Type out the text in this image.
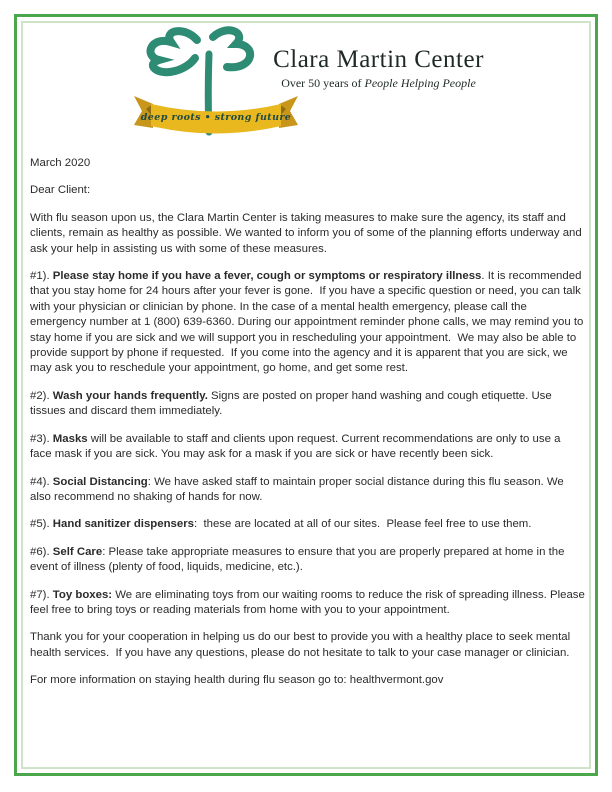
deep roots • strong future
Clara Martin Center

Over 50 years of People Helping People

March 2020

Dear Client:

With flu season upon us, the Clara Martin Center is taking measures to make sure the agency, its staff and clients, remain as healthy as possible. We wanted to inform you of some of the planning efforts underway and ask your help in assisting us with some of these measures.

#1). Please stay home if you have a fever, cough or symptoms or respiratory illness. It is recommended that you stay home for 24 hours after your fever is gone.  If you have a specific question or need, you can talk with your physician or clinician by phone. In the case of a mental health emergency, please call the emergency number at 1 (800) 639-6360. During our appointment reminder phone calls, we may remind you to stay home if you are sick and we will support you in rescheduling your appointment.  We may also be able to provide support by phone if requested.  If you come into the agency and it is apparent that you are sick, we may ask you to reschedule your appointment, go home, and get some rest.

#2). Wash your hands frequently. Signs are posted on proper hand washing and cough etiquette. Use tissues and discard them immediately.

#3). Masks will be available to staff and clients upon request. Current recommendations are only to use a face mask if you are sick. You may ask for a mask if you are sick or have recently been sick.

#4). Social Distancing: We have asked staff to maintain proper social distance during this flu season. We also recommend no shaking of hands for now.

#5). Hand sanitizer dispensers:  these are located at all of our sites.  Please feel free to use them.

#6). Self Care: Please take appropriate measures to ensure that you are properly prepared at home in the event of illness (plenty of food, liquids, medicine, etc.).

#7). Toy boxes: We are eliminating toys from our waiting rooms to reduce the risk of spreading illness. Please feel free to bring toys or reading materials from home with you to your appointment.

Thank you for your cooperation in helping us do our best to provide you with a healthy place to seek mental health services.  If you have any questions, please do not hesitate to talk to your case manager or clinician.

For more information on staying health during flu season go to: healthvermont.gov
